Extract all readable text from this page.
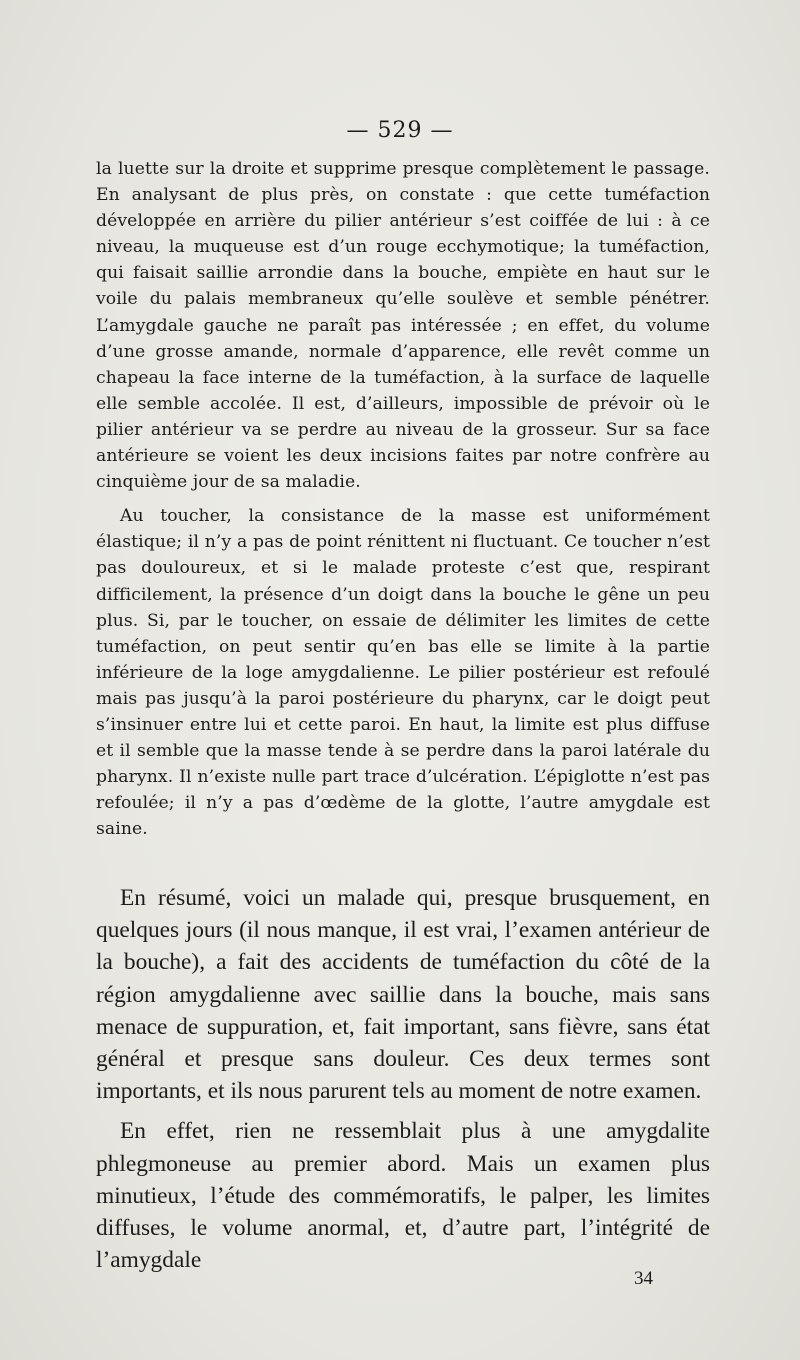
— 529 —

la luette sur la droite et supprime presque complètement le passage. En analysant de plus près, on constate : que cette tuméfaction développée en arrière du pilier antérieur s’est coiffée de lui : à ce niveau, la muqueuse est d’un rouge ecchymotique; la tuméfaction, qui faisait saillie arrondie dans la bouche, empiète en haut sur le voile du palais membraneux qu’elle soulève et semble pénétrer. L’amygdale gauche ne paraît pas intéressée ; en effet, du volume d’une grosse amande, normale d’apparence, elle revêt comme un chapeau la face interne de la tuméfaction, à la surface de laquelle elle semble accolée. Il est, d’ailleurs, impossible de prévoir où le pilier antérieur va se perdre au niveau de la grosseur. Sur sa face antérieure se voient les deux incisions faites par notre confrère au cinquième jour de sa maladie.

Au toucher, la consistance de la masse est uniformément élastique; il n’y a pas de point rénittent ni fluctuant. Ce toucher n’est pas douloureux, et si le malade proteste c’est que, respirant difficilement, la présence d’un doigt dans la bouche le gêne un peu plus. Si, par le toucher, on essaie de délimiter les limites de cette tuméfaction, on peut sentir qu’en bas elle se limite à la partie inférieure de la loge amygdalienne. Le pilier postérieur est refoulé mais pas jusqu’à la paroi postérieure du pharynx, car le doigt peut s’insinuer entre lui et cette paroi. En haut, la limite est plus diffuse et il semble que la masse tende à se perdre dans la paroi latérale du pharynx. Il n’existe nulle part trace d’ulcération. L’épiglotte n’est pas refoulée; il n’y a pas d’œdème de la glotte, l’autre amygdale est saine.

En résumé, voici un malade qui, presque brusquement, en quelques jours (il nous manque, il est vrai, l’examen antérieur de la bouche), a fait des accidents de tuméfaction du côté de la région amygdalienne avec saillie dans la bouche, mais sans menace de suppuration, et, fait important, sans fièvre, sans état général et presque sans douleur. Ces deux termes sont importants, et ils nous parurent tels au moment de notre examen.

En effet, rien ne ressemblait plus à une amygdalite phlegmoneuse au premier abord. Mais un examen plus minutieux, l’étude des commémoratifs, le palper, les limites diffuses, le volume anormal, et, d’autre part, l’intégrité de l’amygdale

34
